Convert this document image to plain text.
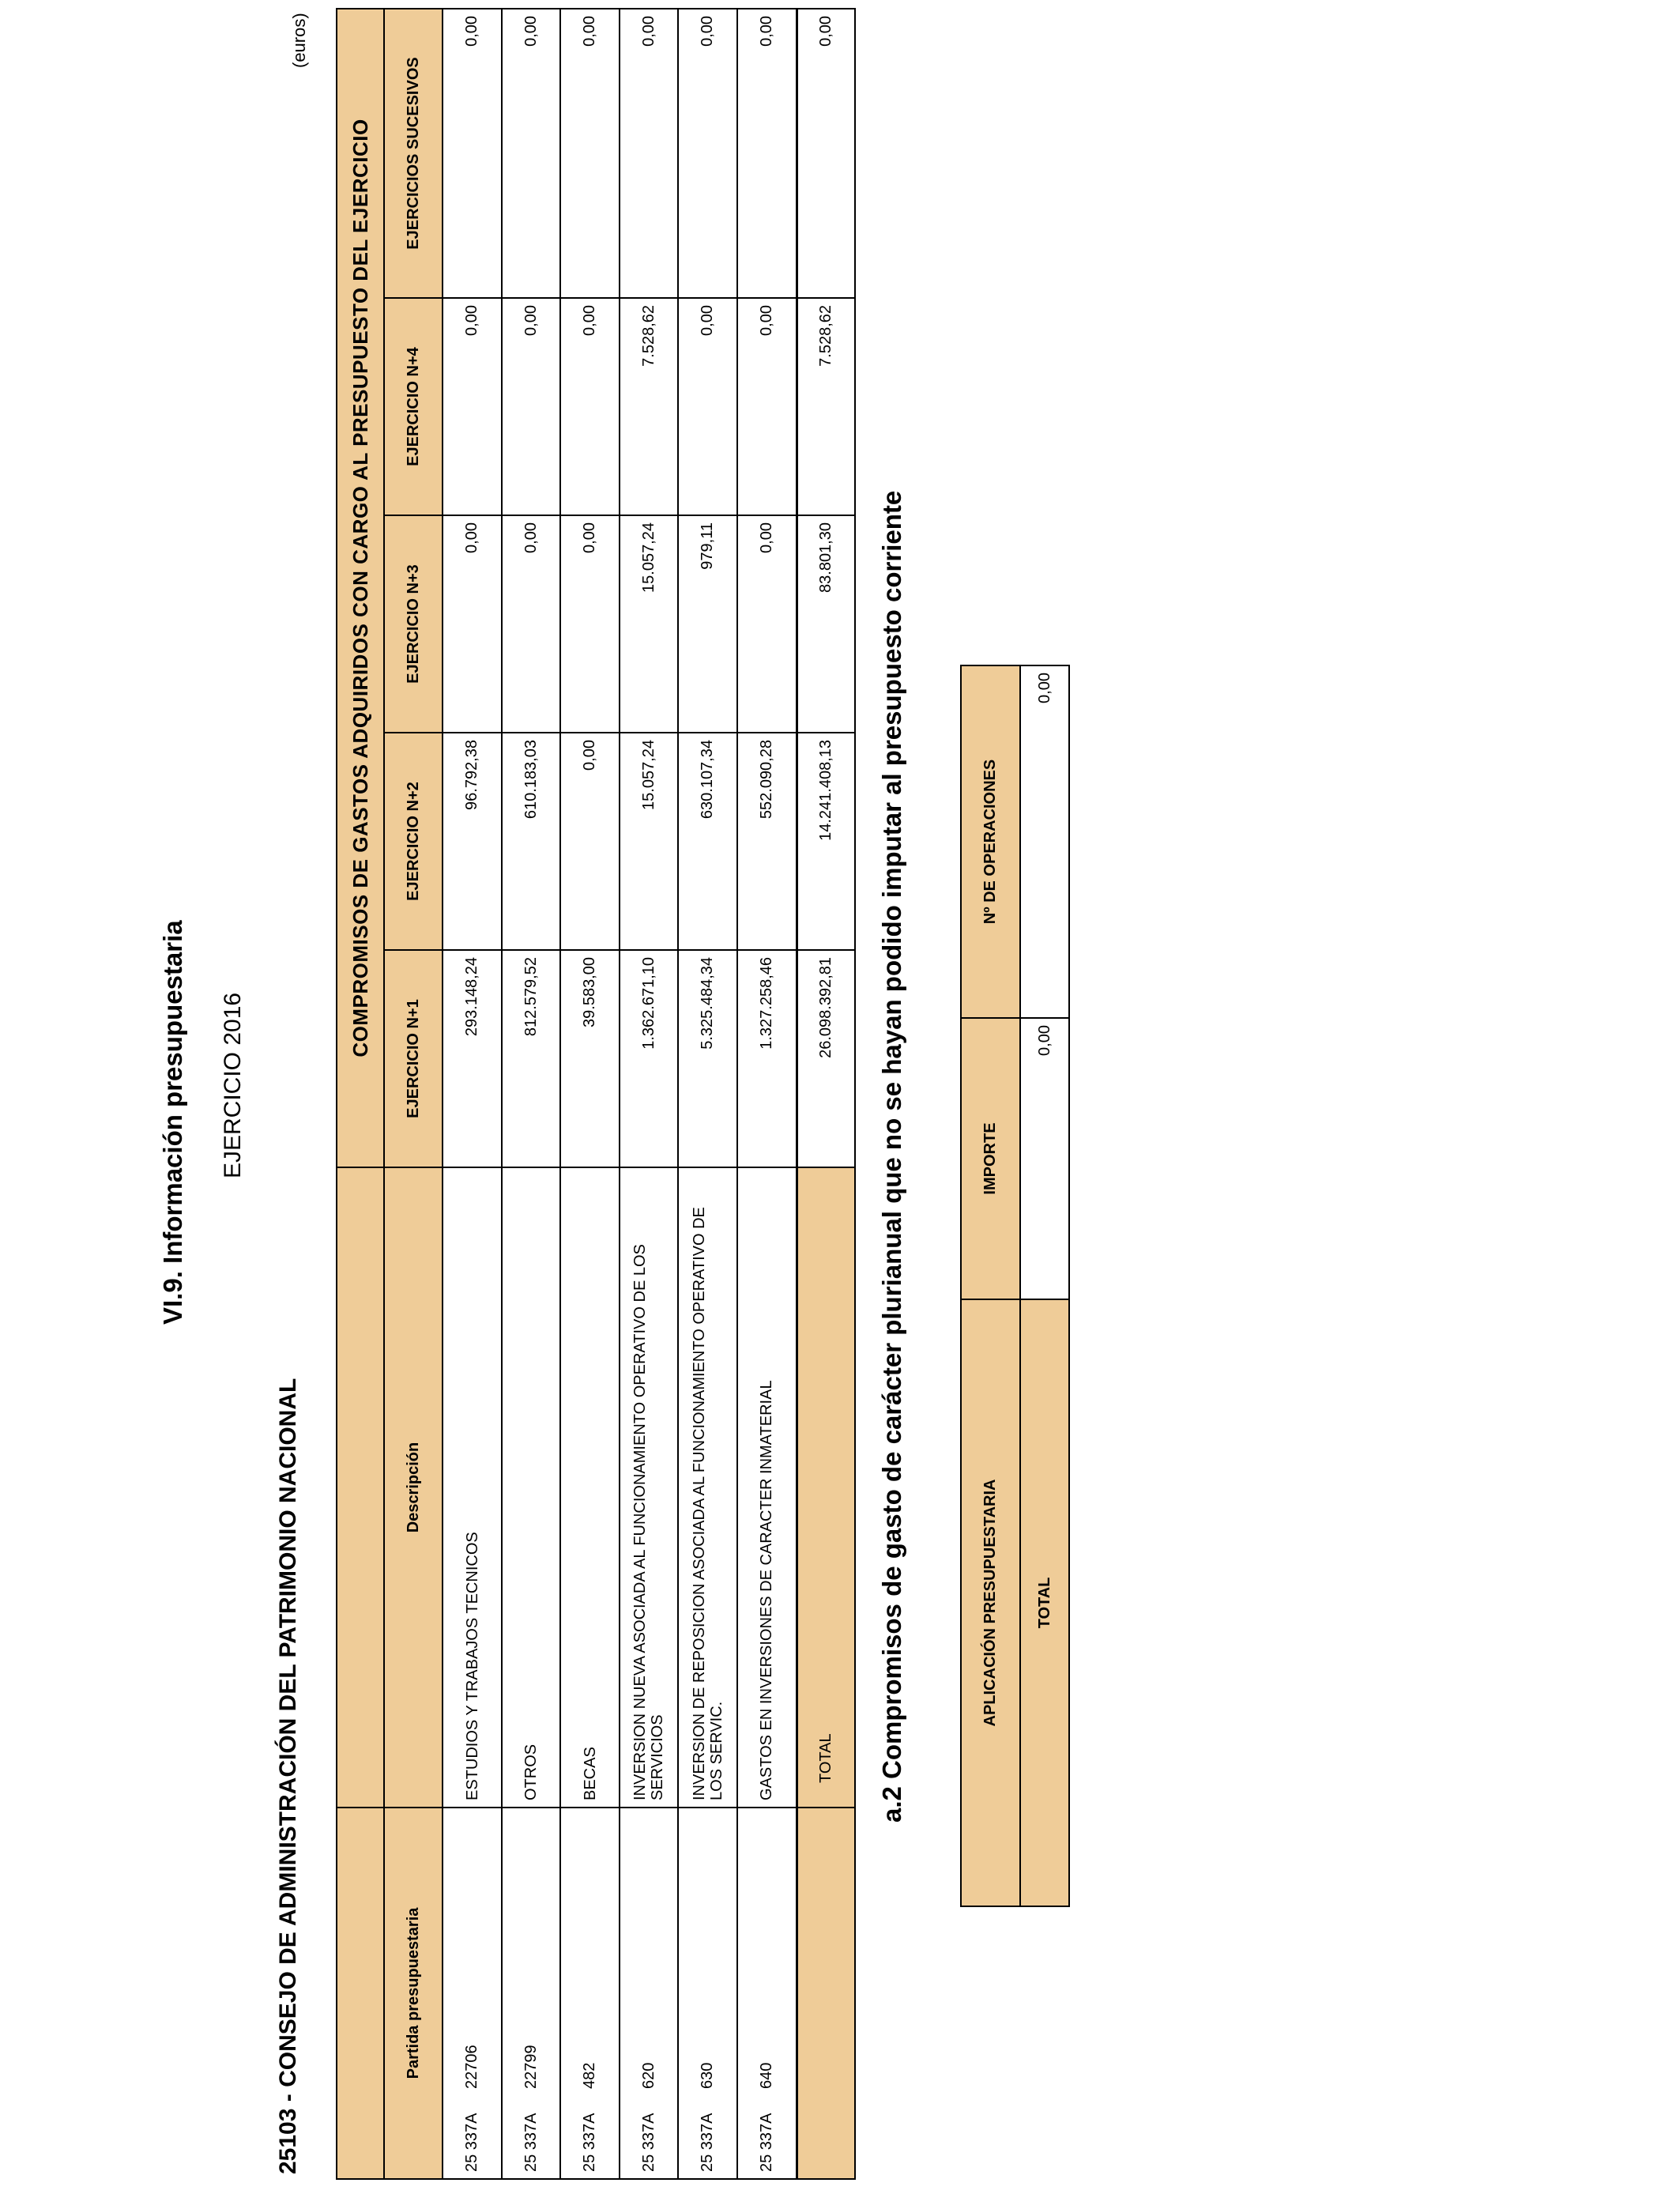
VI.9. Información presupuestaria EJERCICIO 2016
25103 - CONSEJO DE ADMINISTRACIÓN DEL PATRIMONIO NACIONAL
(euros)
		COMPROMISOS DE GASTOS ADQUIRIDOS CON CARGO AL PRESUPUESTO DEL EJERCICIO				
Partida presupuestaria	Descripción	EJERCICIO N+1	EJERCICIO N+2	EJERCICIO N+3	EJERCICIO N+4	EJERCICIOS SUCESIVOS
25 337A22706	ESTUDIOS Y TRABAJOS TECNICOS	293.148,24	96.792,38	0,00	0,00	0,00
25 337A22799	OTROS	812.579,52	610.183,03	0,00	0,00	0,00
25 337A482	BECAS	39.583,00	0,00	0,00	0,00	0,00
25 337A620	INVERSION NUEVA ASOCIADA AL FUNCIONAMIENTO OPERATIVO DE LOS SERVICIOS	1.362.671,10	15.057,24	15.057,24	7.528,62	0,00
25 337A630	INVERSION DE REPOSICION ASOCIADA AL FUNCIONAMIENTO OPERATIVO DE LOS SERVIC.	5.325.484,34	630.107,34	979,11	0,00	0,00
25 337A640	GASTOS EN INVERSIONES DE CARACTER INMATERIAL	1.327.258,46	552.090,28	0,00	0,00	0,00
	TOTAL	26.098.392,81	14.241.408,13	83.801,30	7.528,62	0,00
a.2 Compromisos de gasto de carácter plurianual que no se hayan podido imputar al presupuesto corriente	APLICACIÓN PRESUPUESTARIA	IMPORTE	Nº DE OPERACIONES
TOTAL	0,00	0,00
